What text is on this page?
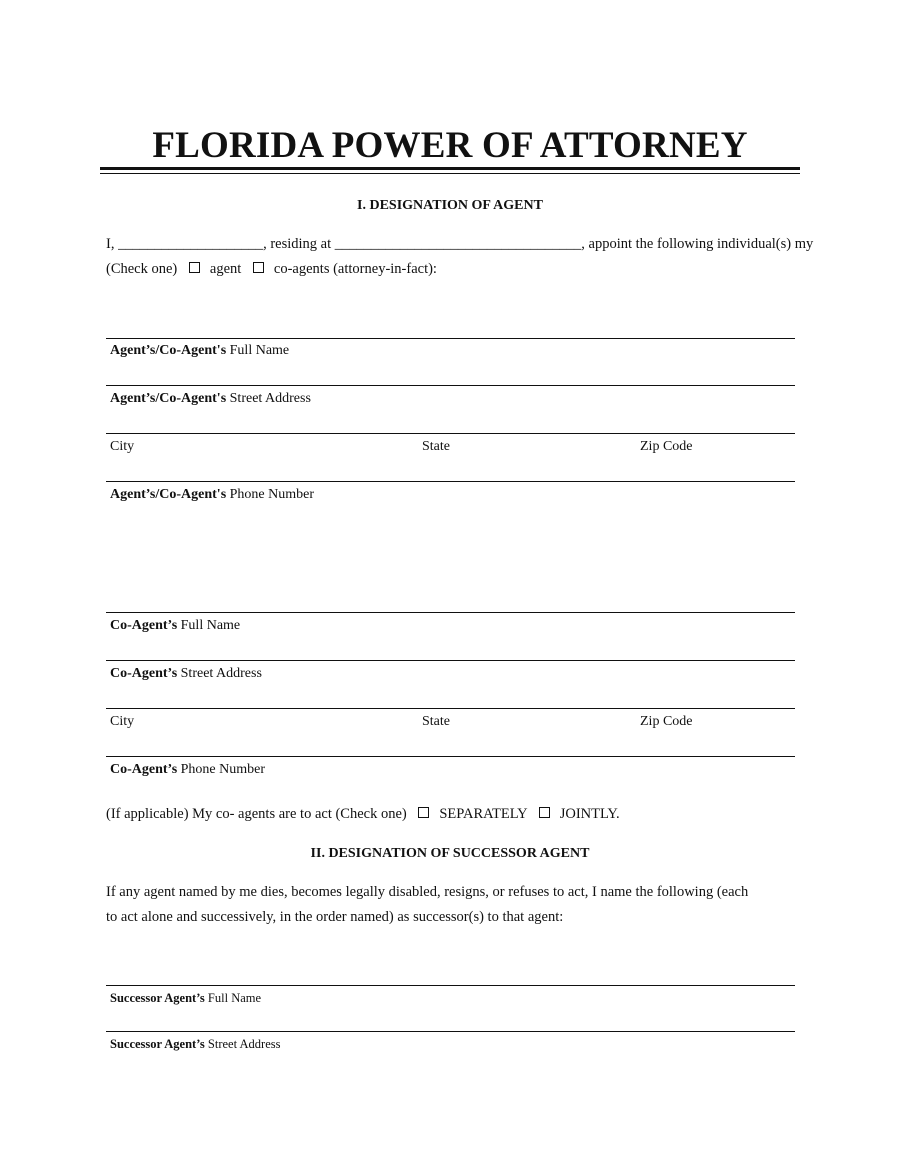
FLORIDA POWER OF ATTORNEY
I. DESIGNATION OF AGENT
I, ____________________, residing at __________________________________, appoint the following individual(s) my
(Check one) agent co-agents (attorney-in-fact):
Agent’s/Co-Agent's Full Name
Agent’s/Co-Agent's Street Address
City	State	Zip Code
Agent’s/Co-Agent's Phone Number
Co-Agent’s Full Name
Co-Agent’s Street Address
City	State	Zip Code
Co-Agent’s Phone Number
(If applicable) My co- agents are to act (Check one) SEPARATELY JOINTLY.
II. DESIGNATION OF SUCCESSOR AGENT
If any agent named by me dies, becomes legally disabled, resigns, or refuses to act, I name the following (each
to act alone and successively, in the order named) as successor(s) to that agent:
Successor Agent’s Full Name
Successor Agent’s Street Address
